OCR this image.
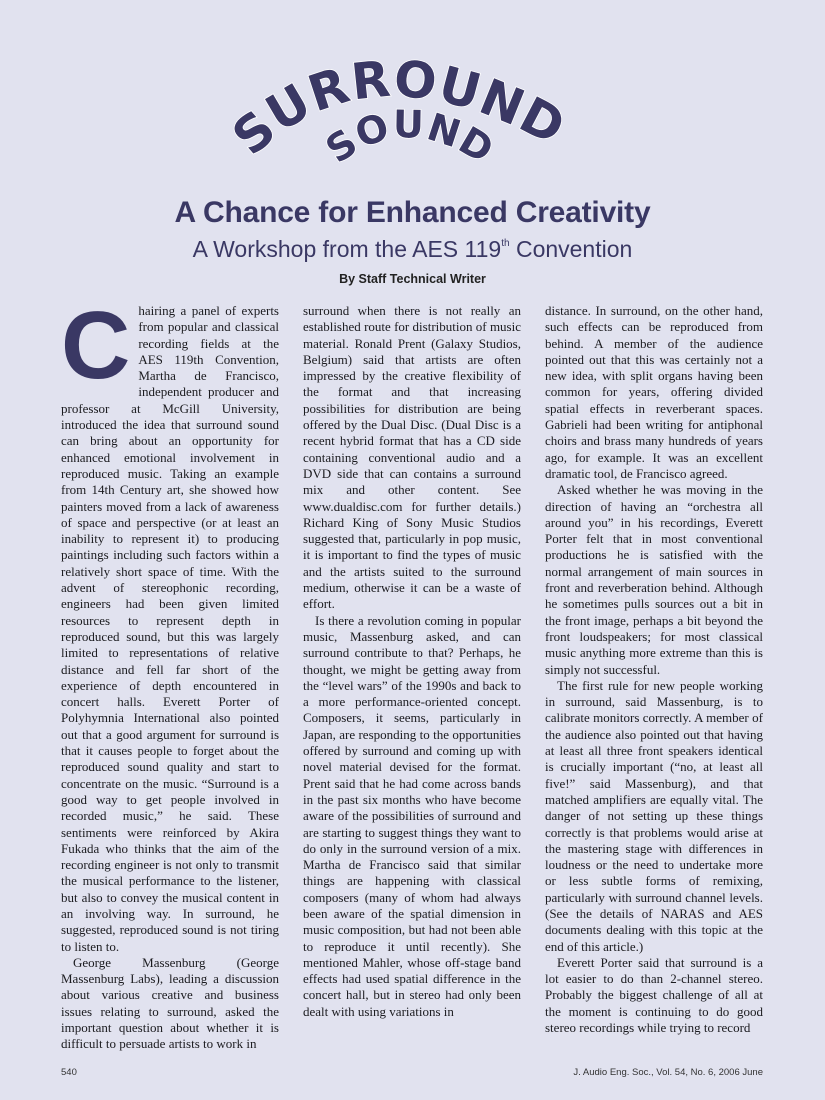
URROUND
SOUND
A Chance for Enhanced Creativity
A Workshop from the AES 119th Convention
By Staff Technical Writer

Chairing a panel of experts from popular and classical recording fields at the AES 119th Convention, Martha de Francisco, independent producer and professor at McGill University, introduced the idea that surround sound can bring about an opportunity for enhanced emotional involvement in reproduced music. Taking an example from 14th Century art, she showed how painters moved from a lack of awareness of space and perspective (or at least an inability to represent it) to producing paintings including such factors within a relatively short space of time. With the advent of stereophonic recording, engineers had been given limited resources to represent depth in reproduced sound, but this was largely limited to representations of relative distance and fell far short of the experience of depth encountered in concert halls. Everett Porter of Polyhymnia International also pointed out that a good argument for surround is that it causes people to forget about the reproduced sound quality and start to concentrate on the music. “Surround is a good way to get people involved in recorded music,” he said. These sentiments were reinforced by Akira Fukada who thinks that the aim of the recording engineer is not only to transmit the musical performance to the listener, but also to convey the musical content in an involving way. In surround, he suggested, reproduced sound is not tiring to listen to.

George Massenburg (George Massenburg Labs), leading a discussion about various creative and business issues relating to surround, asked the important question about whether it is difficult to persuade artists to work in

surround when there is not really an established route for distribution of music material. Ronald Prent (Galaxy Studios, Belgium) said that artists are often impressed by the creative flexibility of the format and that increasing possibilities for distribution are being offered by the Dual Disc. (Dual Disc is a recent hybrid format that has a CD side containing conventional audio and a DVD side that can contains a surround mix and other content. See www.dualdisc.com for further details.) Richard King of Sony Music Studios suggested that, particularly in pop music, it is important to find the types of music and the artists suited to the surround medium, otherwise it can be a waste of effort.

Is there a revolution coming in popular music, Massenburg asked, and can surround contribute to that? Perhaps, he thought, we might be getting away from the “level wars” of the 1990s and back to a more performance-oriented concept. Composers, it seems, particularly in Japan, are responding to the opportunities offered by surround and coming up with novel material devised for the format. Prent said that he had come across bands in the past six months who have become aware of the possibilities of surround and are starting to suggest things they want to do only in the surround version of a mix. Martha de Francisco said that similar things are happening with classical composers (many of whom had always been aware of the spatial dimension in music composition, but had not been able to reproduce it until recently). She mentioned Mahler, whose off-stage band effects had used spatial difference in the concert hall, but in stereo had only been dealt with using variations in

distance. In surround, on the other hand, such effects can be reproduced from behind. A member of the audience pointed out that this was certainly not a new idea, with split organs having been common for years, offering divided spatial effects in reverberant spaces. Gabrieli had been writing for antiphonal choirs and brass many hundreds of years ago, for example. It was an excellent dramatic tool, de Francisco agreed.

Asked whether he was moving in the direction of having an “orchestra all around you” in his recordings, Everett Porter felt that in most conventional productions he is satisfied with the normal arrangement of main sources in front and reverberation behind. Although he sometimes pulls sources out a bit in the front image, perhaps a bit beyond the front loudspeakers; for most classical music anything more extreme than this is simply not successful.

The first rule for new people working in surround, said Massenburg, is to calibrate monitors correctly. A member of the audience also pointed out that having at least all three front speakers identical is crucially important (“no, at least all five!” said Massenburg), and that matched amplifiers are equally vital. The danger of not setting up these things correctly is that problems would arise at the mastering stage with differences in loudness or the need to undertake more or less subtle forms of remixing, particularly with surround channel levels. (See the details of NARAS and AES documents dealing with this topic at the end of this article.)

Everett Porter said that surround is a lot easier to do than 2-channel stereo. Probably the biggest challenge of all at the moment is continuing to do good stereo recordings while trying to record

540	J. Audio Eng. Soc., Vol. 54, No. 6, 2006 June
